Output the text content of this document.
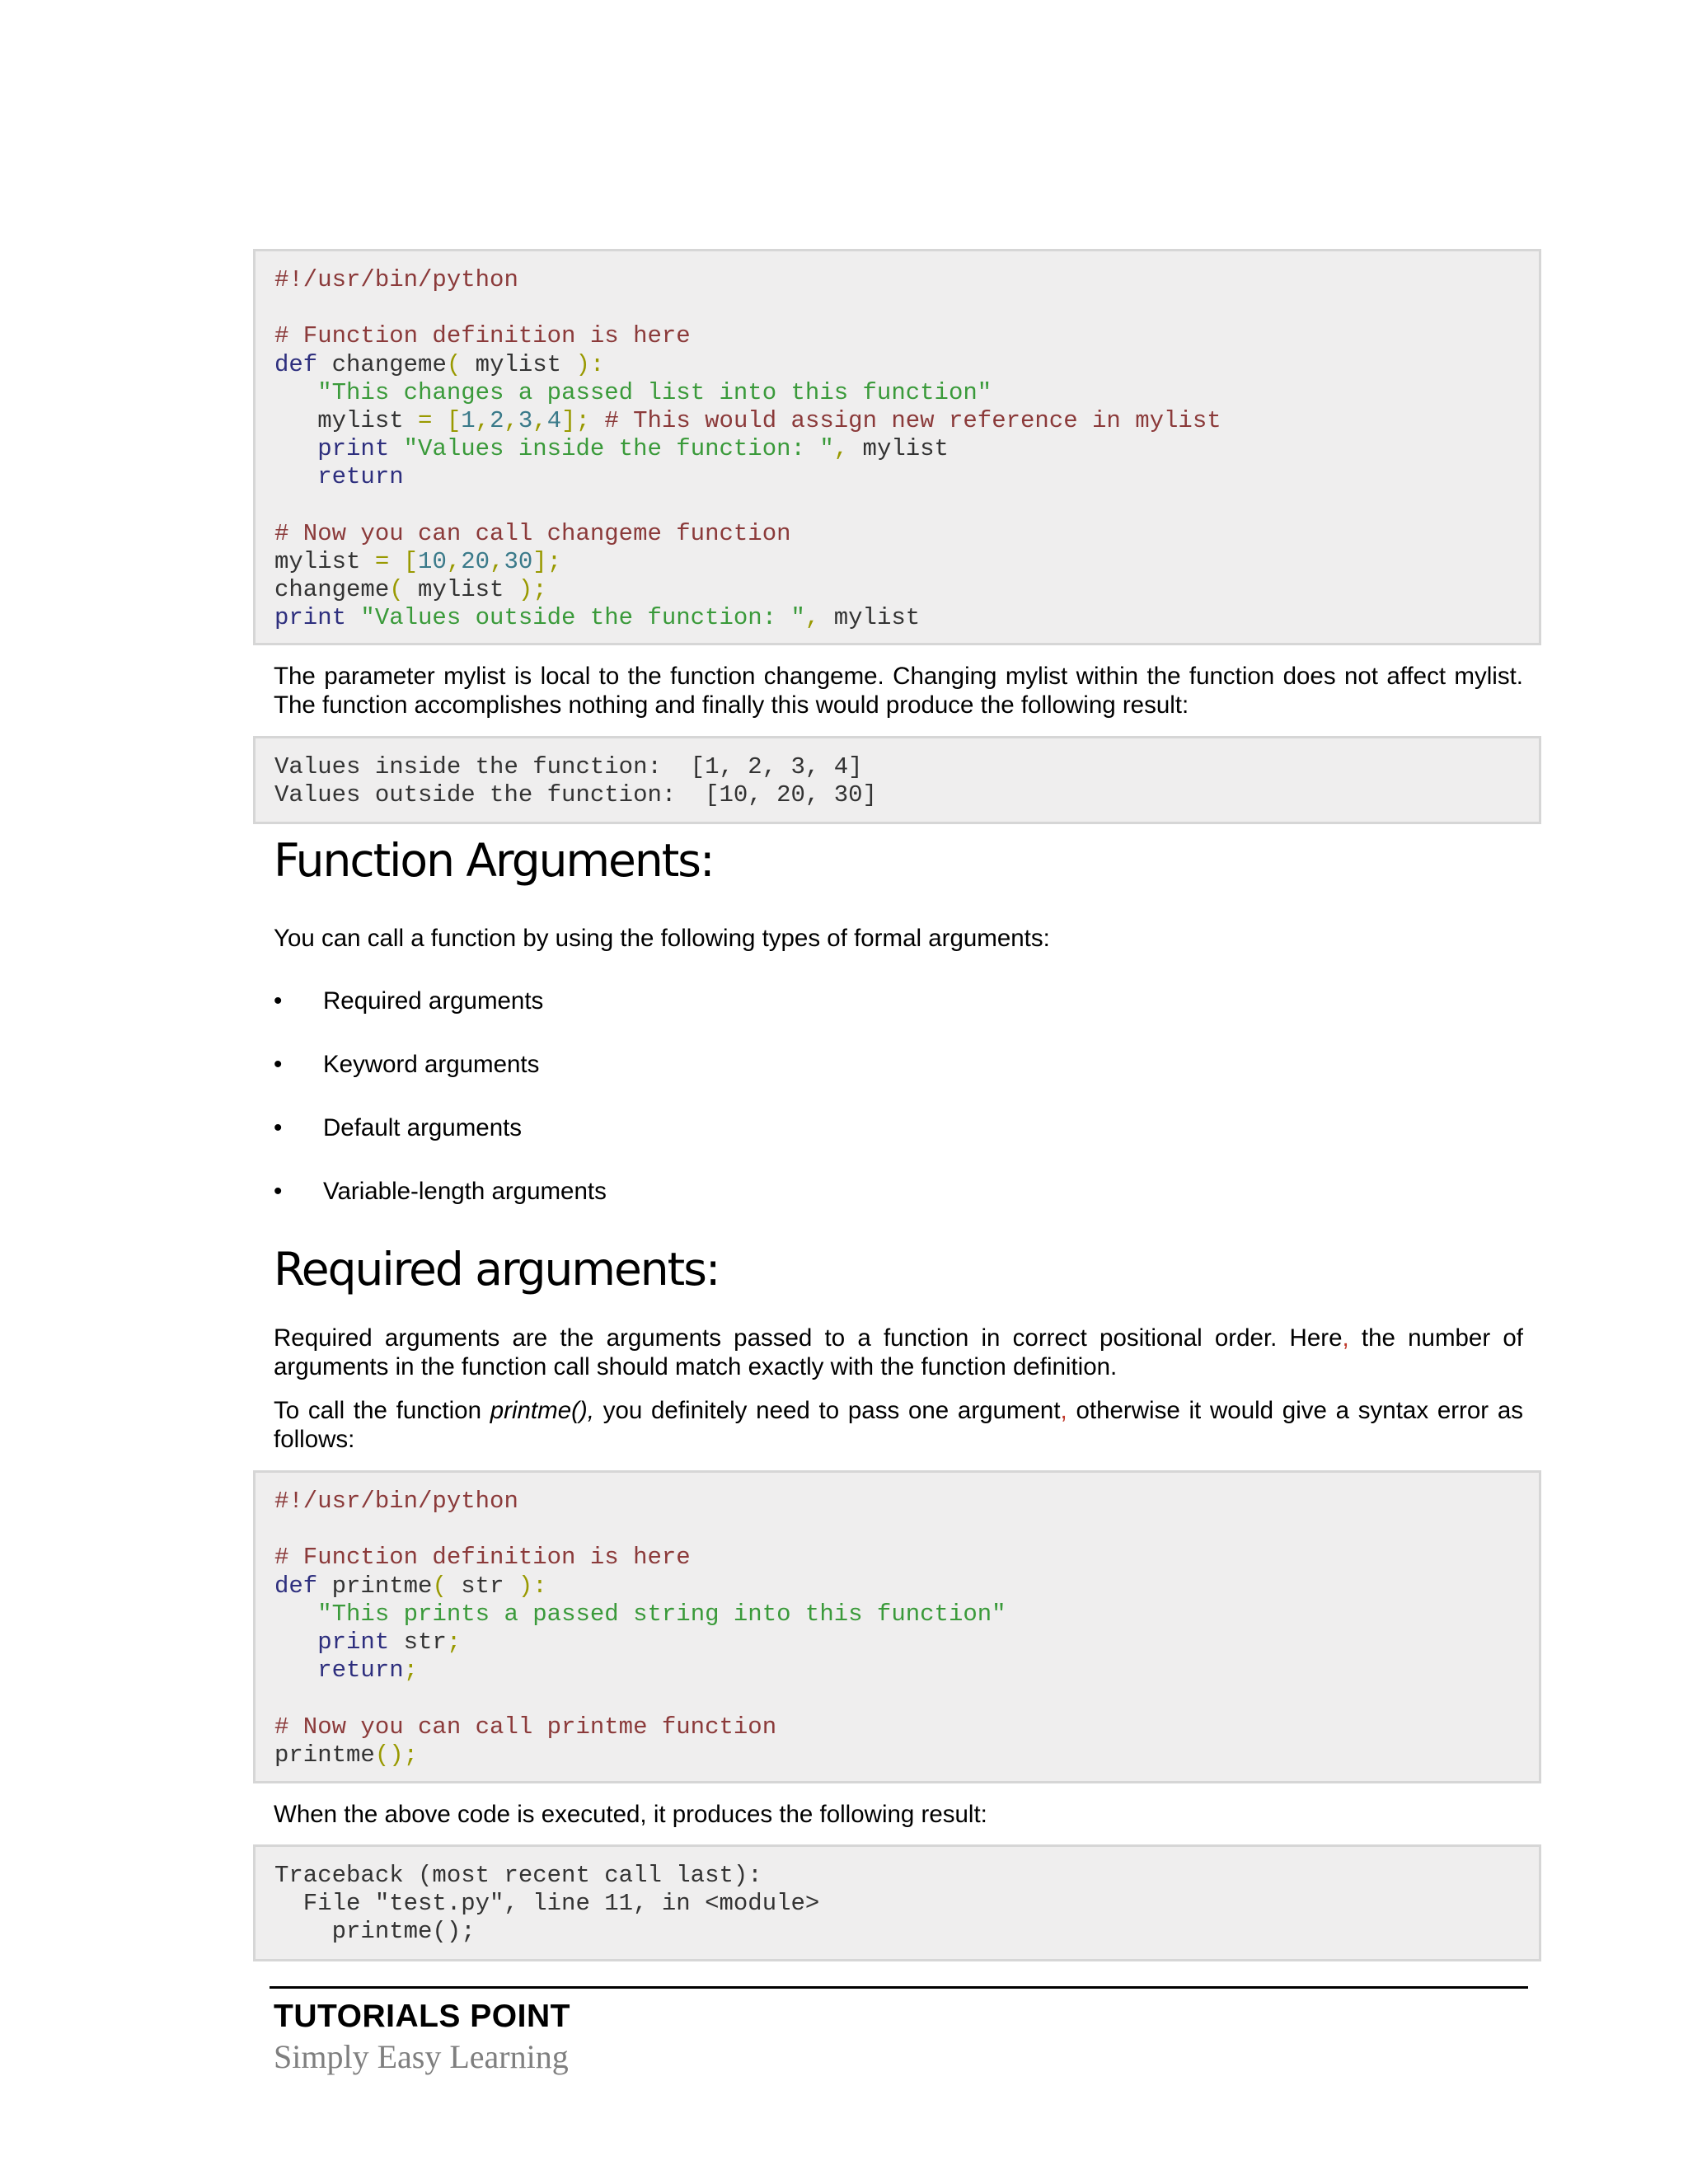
#!/usr/bin/python
# Function definition is here
def changeme( mylist ):
"This changes a passed list into this function"
mylist = [1,2,3,4]; # This would assign new reference in mylist
print "Values inside the function: ", mylist
return
# Now you can call changeme function
mylist = [10,20,30];
changeme( mylist );
print "Values outside the function: ", mylist
The parameter mylist is local to the function changeme. Changing mylist within the function does not affect mylist. The function accomplishes nothing and finally this would produce the following result:
Values inside the function:  [1, 2, 3, 4]
Values outside the function:  [10, 20, 30]
Function Arguments:
You can call a function by using the following types of formal arguments:
• Required arguments
• Keyword arguments
• Default arguments
• Variable-length arguments
Required arguments:
Required arguments are the arguments passed to a function in correct positional order. Here, the number of arguments in the function call should match exactly with the function definition.
To call the function printme(), you definitely need to pass one argument, otherwise it would give a syntax error as follows:
#!/usr/bin/python
# Function definition is here
def printme( str ):
"This prints a passed string into this function"
print str;
return;
# Now you can call printme function
printme();
When the above code is executed, it produces the following result:
Traceback (most recent call last):
File "test.py", line 11, in <module>
printme();
TUTORIALS POINT
Simply Easy Learning
